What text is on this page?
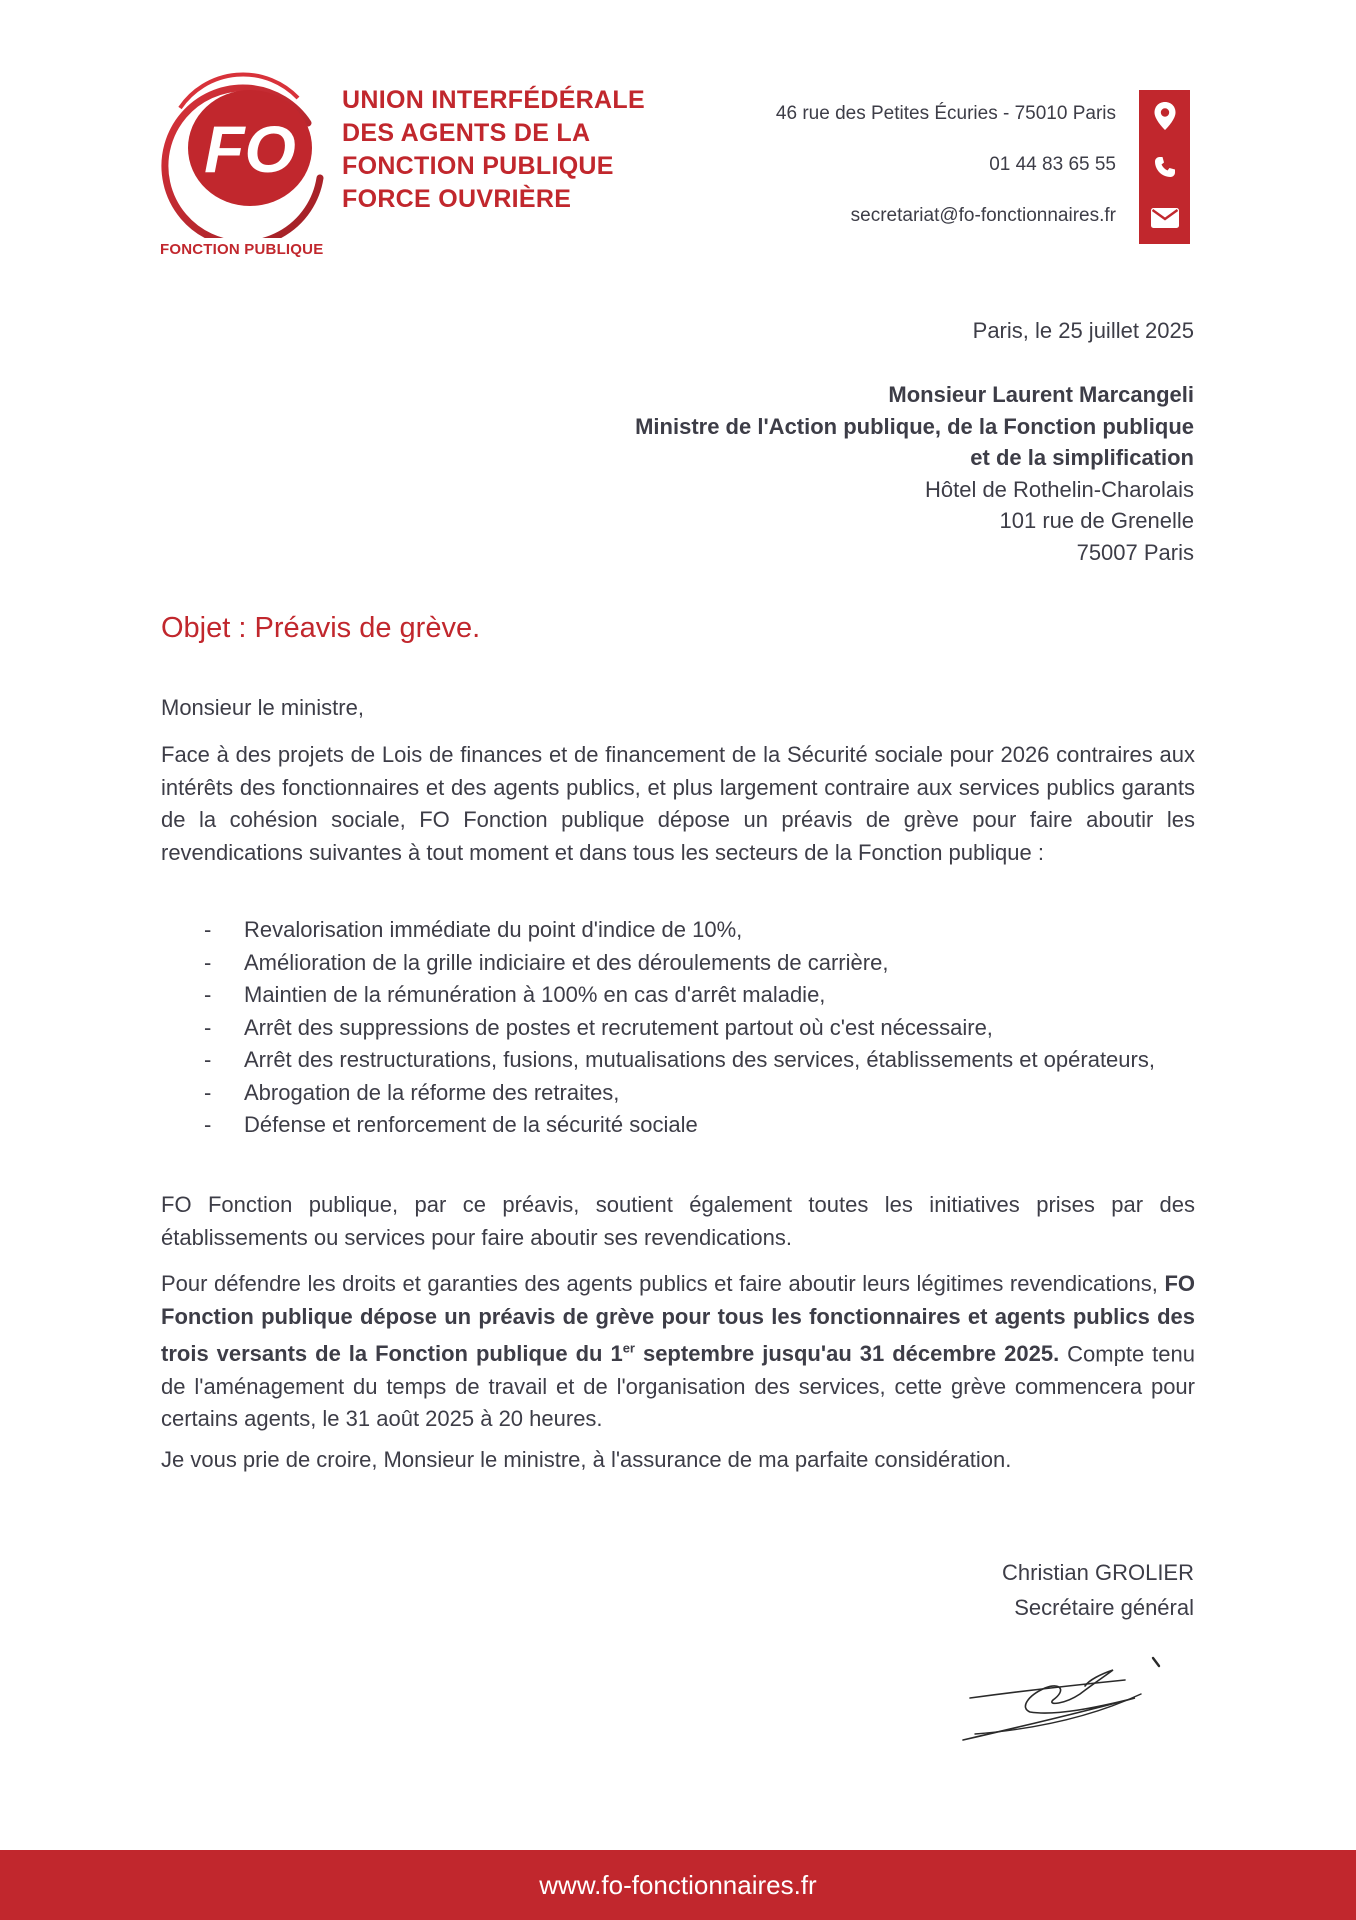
FO
FONCTION PUBLIQUE
UNION INTERFÉDÉRALE
DES AGENTS DE LA
FONCTION PUBLIQUE
FORCE OUVRIÈRE
46 rue des Petites Écuries - 75010 Paris
01 44 83 65 55
secretariat@fo-fonctionnaires.fr
Paris, le 25 juillet 2025
Monsieur Laurent Marcangeli
Ministre de l'Action publique, de la Fonction publique
et de la simplification
Hôtel de Rothelin-Charolais
101 rue de Grenelle
75007 Paris
Objet : Préavis de grève.
Monsieur le ministre,
Face à des projets de Lois de finances et de financement de la Sécurité sociale pour 2026 contraires aux intérêts des fonctionnaires et des agents publics, et plus largement contraire aux services publics garants de la cohésion sociale, FO Fonction publique dépose un préavis de grève pour faire aboutir les revendications suivantes à tout moment et dans tous les secteurs de la Fonction publique :
- Revalorisation immédiate du point d'indice de 10%,
- Amélioration de la grille indiciaire et des déroulements de carrière,
- Maintien de la rémunération à 100% en cas d'arrêt maladie,
- Arrêt des suppressions de postes et recrutement partout où c'est nécessaire,
- Arrêt des restructurations, fusions, mutualisations des services, établissements et opérateurs,
- Abrogation de la réforme des retraites,
- Défense et renforcement de la sécurité sociale
FO Fonction publique, par ce préavis, soutient également toutes les initiatives prises par des établissements ou services pour faire aboutir ses revendications.
Pour défendre les droits et garanties des agents publics et faire aboutir leurs légitimes revendications, FO Fonction publique dépose un préavis de grève pour tous les fonctionnaires et agents publics des trois versants de la Fonction publique du 1er septembre jusqu'au 31 décembre 2025. Compte tenu de l'aménagement du temps de travail et de l'organisation des services, cette grève commencera pour certains agents, le 31 août 2025 à 20 heures.
Je vous prie de croire, Monsieur le ministre, à l'assurance de ma parfaite considération.
Christian GROLIER
Secrétaire général
www.fo-fonctionnaires.fr
